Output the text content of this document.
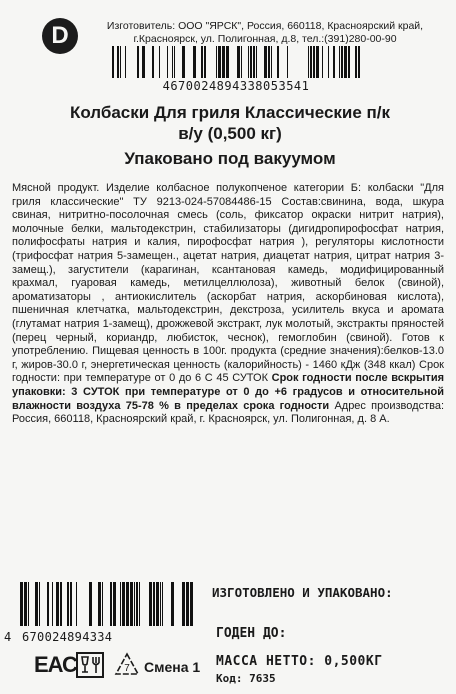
D	Изготовитель: ООО "ЯРСК", Россия, 660118, Красноярский край,
г.Красноярск, ул. Полигонная, д.8, тел.:(391)280-00-90
4670024894338053541
Колбаски Для гриля Классические п/к
в/у (0,500 кг)
Упаковано под вакуумом
Мясной продукт. Изделие колбасное полукопченое категории Б: колбаски "Для гриля классические" ТУ 9213-024-57084486-15 Состав:свинина, вода, шкура свиная, нитритно-посолочная смесь (соль, фиксатор окраски нитрит натрия), молочные белки, мальтодекстрин, стабилизаторы (дигидропирофосфат натрия, полифосфаты натрия и калия, пирофосфат натрия ), регуляторы кислотности (трифосфат натрия 5-замещен., ацетат натрия, диацетат натрия, цитрат натрия 3-замещ.), загустители (карагинан, ксантановая камедь, модифицированный крахмал, гуаровая камедь, метилцеллюлоза), животный белок (свиной), ароматизаторы , антиокислитель (аскорбат натрия, аскорбиновая кислота), пшеничная клетчатка, мальтодекстрин, декстроза, усилитель вкуса и аромата (глутамат натрия 1-замещ), дрожжевой экстракт, лук молотый, экстракты пряностей (перец черный, кориандр, любисток, чеснок), гемоглобин (свиной). Готов к употреблению. Пищевая ценность в 100г. продукта (средние значения):белков-13.0 г, жиров-30.0 г, энергетическая ценность (калорийность) - 1460 кДж (348 ккал) Срок годности: при температуре от 0 до 6 С 45 СУТОК Срок годности после вскрытия упаковки: 3 СУТОК при температуре от 0 до +6 градусов и относительной влажности воздуха 75-78 % в пределах срока годности Адрес производства: Россия, 660118, Красноярский край, г. Красноярск, ул. Полигонная, д. 8 А.
4 670024894334
ИЗГОТОВЛЕНО И УПАКОВАНО:
ГОДЕН ДО:
МАССА НЕТТО: 0,500КГ
Код: 7635
ЕАС	7 Смена 1
